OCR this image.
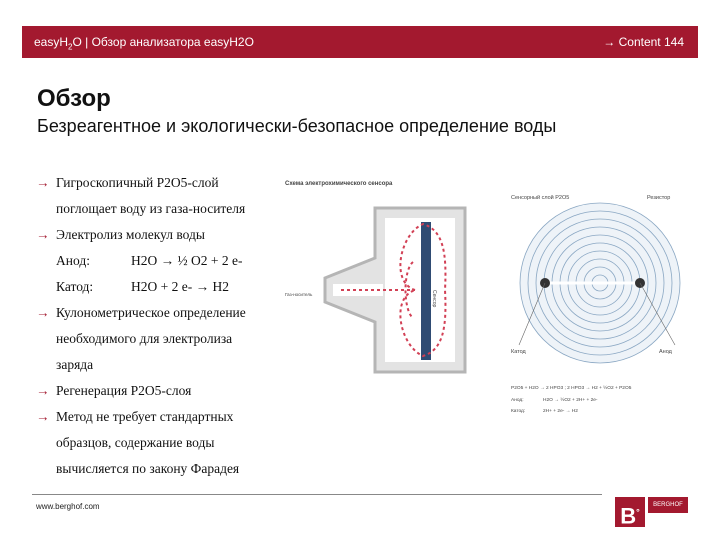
easyH$_2$O | Обзор анализатора easyH2O	→ Content 144
Обзор
Безреагентное и экологически-безопасное определение воды
→ Гигроскопичный P2O5-слой
поглощает воду из газа-носителя
→ Электролиз молекул воды
Анод:	H2O → ½ O2 + 2 e-
Катод:	H2O + 2 e- → H2
→ Кулонометрическое определение
необходимого для электролиза
заряда
→ Регенерация P2O5-слоя
→ Метод не требует стандартных
образцов, содержание воды
вычисляется по закону Фарадея
Схема электрохимического сенсора
Сенсор
Газ-носитель
Сенсорный слой P2O5	Резистор
Катод	Анод
P2O5 + H2O → 2 HPO3 ; 2 HPO3 → H2 + ½O2 + P2O5
Анод:	H2O → ½O2 + 2H+ + 2e-
Катод:	2H+ + 2e- → H2
www.berghof.com	B°
BERGHOF
